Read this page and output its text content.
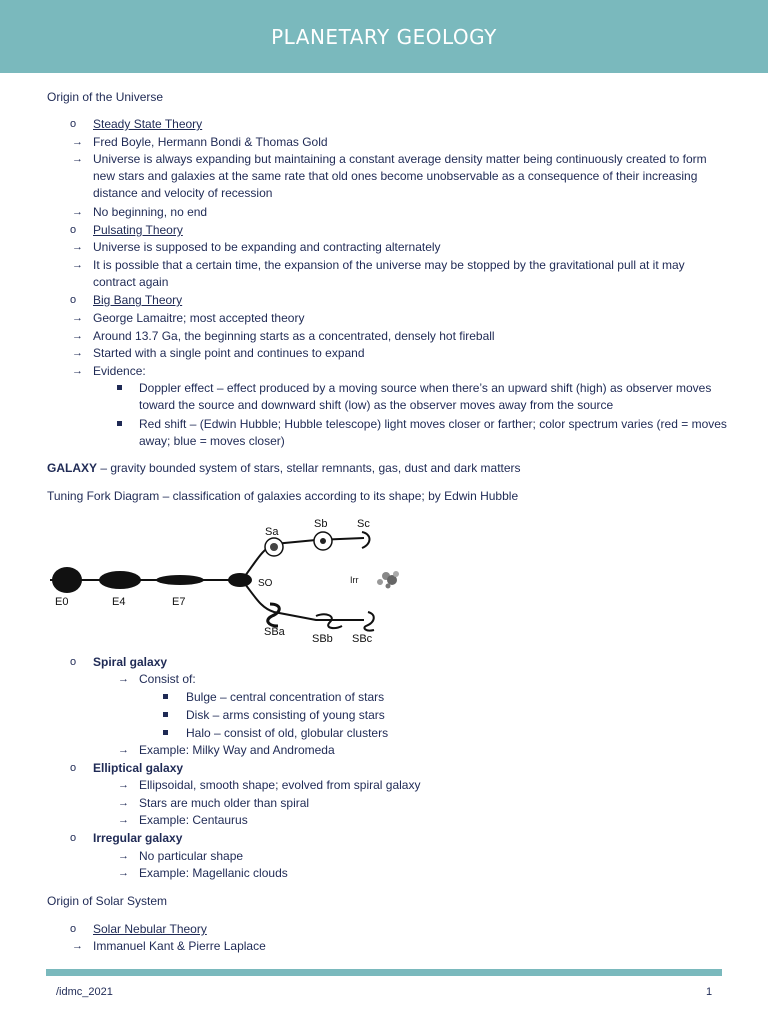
PLANETARY GEOLOGY
Origin of the Universe
o Steady State Theory
→ Fred Boyle, Hermann Bondi & Thomas Gold
→ Universe is always expanding but maintaining a constant average density matter being continuously created to form new stars and galaxies at the same rate that old ones become unobservable as a consequence of their increasing distance and velocity of recession
→ No beginning, no end
o Pulsating Theory
→ Universe is supposed to be expanding and contracting alternately
→ It is possible that a certain time, the expansion of the universe may be stopped by the gravitational pull at it may contract again
o Big Bang Theory
→ George Lamaitre; most accepted theory
→ Around 13.7 Ga, the beginning starts as a concentrated, densely hot fireball
→ Started with a single point and continues to expand
→ Evidence:
Doppler effect – effect produced by a moving source when there’s an upward shift (high) as observer moves toward the source and downward shift (low) as the observer moves away from the source
Red shift – (Edwin Hubble; Hubble telescope) light moves closer or farther; color spectrum varies (red = moves away; blue = moves closer)
GALAXY – gravity bounded system of stars, stellar remnants, gas, dust and dark matters
Tuning Fork Diagram – classification of galaxies according to its shape; by Edwin Hubble
E0	E4	E7
SO
Sa
Sb	Sc
SBa
SBb SBc
Irr
o Spiral galaxy
→ Consist of:
Bulge – central concentration of stars
Disk – arms consisting of young stars
Halo – consist of old, globular clusters
→ Example: Milky Way and Andromeda
o Elliptical galaxy
→ Ellipsoidal, smooth shape; evolved from spiral galaxy
→ Stars are much older than spiral
→ Example: Centaurus
o Irregular galaxy
→ No particular shape
→ Example: Magellanic clouds
Origin of Solar System
o Solar Nebular Theory
→ Immanuel Kant & Pierre Laplace
/idmc_2021	1
